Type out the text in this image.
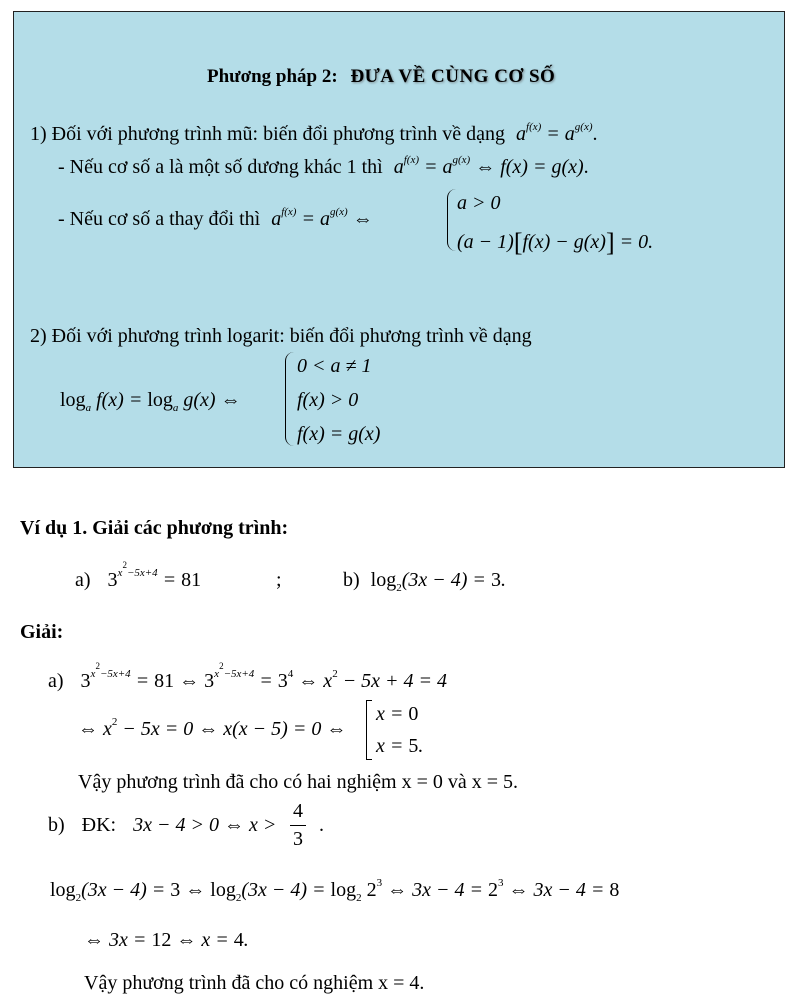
Phương pháp 2: ĐƯA VỀ CÙNG CƠ SỐ
1) Đối với phương trình mũ: biến đổi phương trình về dạng $a^{f(x)} = a^{g(x)}$.
- Nếu cơ số a là một số dương khác 1 thì $a^{f(x)} = a^{g(x)}$ ⇔ f(x) = g(x).
- Nếu cơ số a thay đổi thì $a^{f(x)} = a^{g(x)}$ ⇔
a > 0
(a − 1)[f(x) − g(x)] = 0.
2) Đối với phương trình logarit: biến đổi phương trình về dạng
$\log_a f(x) = \log_a g(x)$ ⇔
0 < a ≠ 1
f(x) > 0
f(x) = g(x)
Ví dụ 1. Giải các phương trình:
a) $3^{x^2-5x+4} = 81$	;	b) $\log_2(3x - 4) = 3$.
Giải:
a) $3^{x^2-5x+4} = 81$ ⇔ $3^{x^2-5x+4} = 3^4$ ⇔ $x^2 - 5x + 4 = 4$
⇔ $x^2 - 5x = 0$ ⇔ x(x − 5) = 0 ⇔
x = 0
x = 5.
Vậy phương trình đã cho có hai nghiệm x = 0 và x = 5.
b) ĐK: 3x − 4 > 0 ⇔ x >
4
3
.
$\log_2(3x - 4) = 3$ ⇔ $\log_2(3x - 4) = \log_2 2^3$ ⇔ $3x - 4 = 2^3$ ⇔ 3x − 4 = 8
⇔ 3x = 12 ⇔ x = 4.
Vậy phương trình đã cho có nghiệm x = 4.
